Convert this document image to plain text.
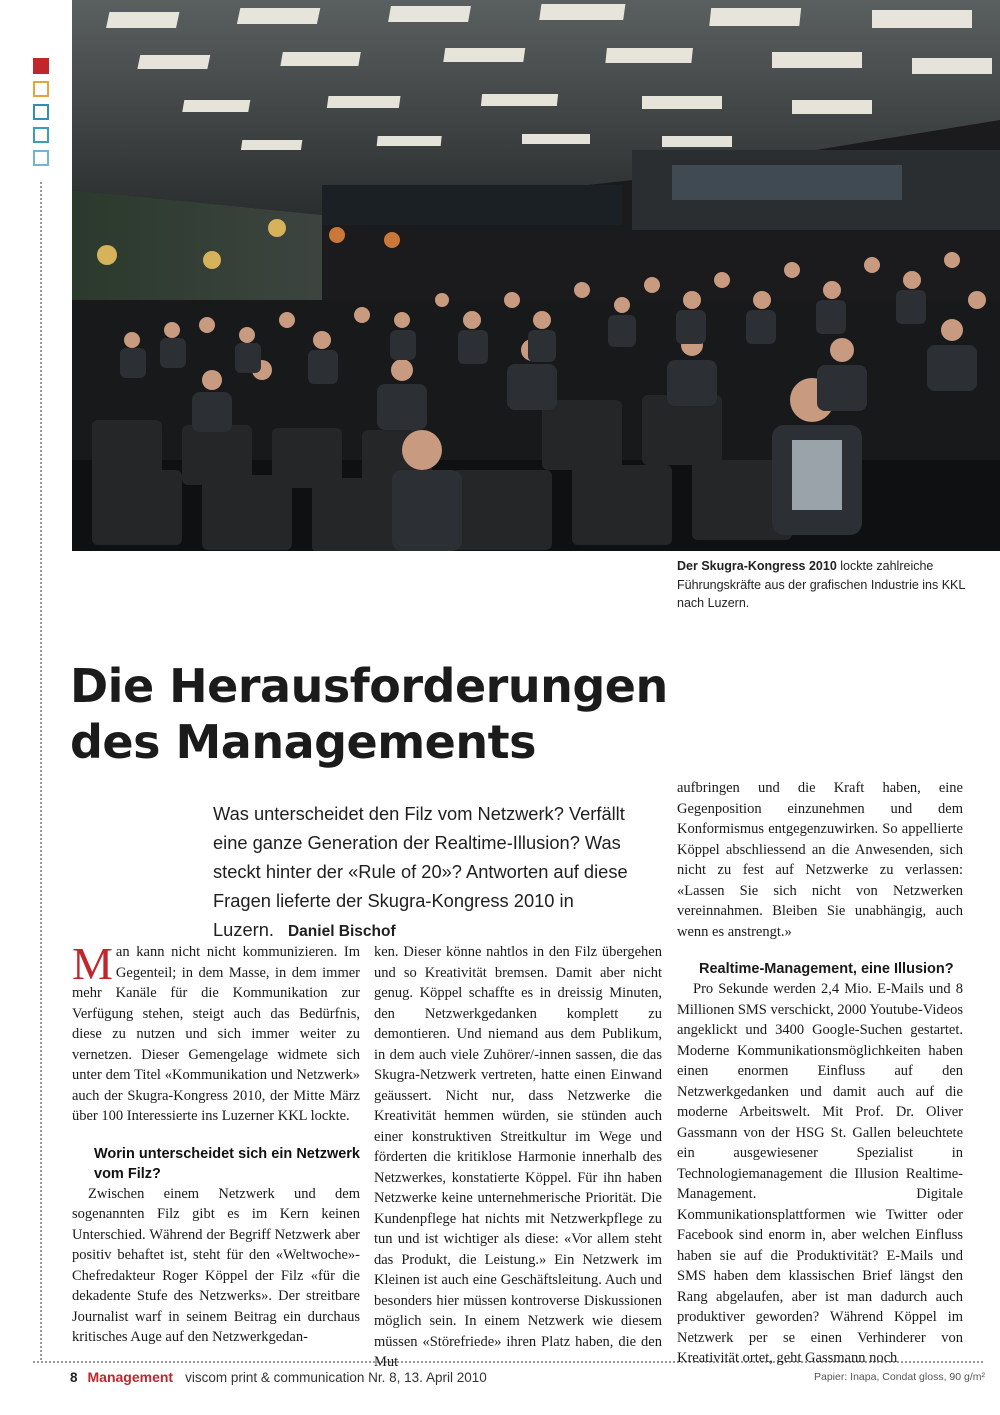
Der Skugra-Kongress 2010 lockte zahlreiche Führungskräfte aus der grafischen Industrie ins KKL nach Luzern.
Die Herausforderungen
des Managements
Was unterscheidet den Filz vom Netzwerk? Verfällt eine ganze Generation der Realtime-Illusion? Was steckt hinter der «Rule of 20»? Antworten auf diese Fragen lieferte der Skugra-Kongress 2010 in Luzern. Daniel Bischof

Man kann nicht nicht kommunizieren. Im Gegenteil; in dem Masse, in dem immer mehr Kanäle für die Kommunikation zur Verfügung stehen, steigt auch das Bedürfnis, diese zu nutzen und sich immer weiter zu vernetzen. Dieser Gemengelage widmete sich unter dem Titel «Kommunikation und Netzwerk» auch der Skugra-Kongress 2010, der Mitte März über 100 Interessierte ins Luzerner KKL lockte.

Worin unterscheidet sich ein Netzwerk vom Filz?

Zwischen einem Netzwerk und dem sogenannten Filz gibt es im Kern keinen Unterschied. Während der Begriff Netzwerk aber positiv behaftet ist, steht für den «Weltwoche»-Chefredakteur Roger Köppel der Filz «für die dekadente Stufe des Netzwerks». Der streitbare Journalist warf in seinem Beitrag ein durchaus kritisches Auge auf den Netzwerkgedan-

ken. Dieser könne nahtlos in den Filz übergehen und so Kreativität bremsen. Damit aber nicht genug. Köppel schaffte es in dreissig Minuten, den Netzwerkgedanken komplett zu demontieren. Und niemand aus dem Publikum, in dem auch viele Zuhörer/-innen sassen, die das Skugra-Netzwerk vertreten, hatte einen Einwand geäussert. Nicht nur, dass Netzwerke die Kreativität hemmen würden, sie stünden auch einer konstruktiven Streitkultur im Wege und förderten die kritiklose Harmonie innerhalb des Netzwerkes, konstatierte Köppel. Für ihn haben Netzwerke keine unternehmerische Priorität. Die Kundenpflege hat nichts mit Netzwerkpflege zu tun und ist wichtiger als diese: «Vor allem steht das Produkt, die Leistung.» Ein Netzwerk im Kleinen ist auch eine Geschäftsleitung. Auch und besonders hier müssen kontroverse Diskussionen möglich sein. In einem Netzwerk wie diesem müssen «Störefriede» ihren Platz haben, die den Mut

aufbringen und die Kraft haben, eine Gegenposition einzunehmen und dem Konformismus entgegenzuwirken. So appellierte Köppel abschliessend an die Anwesenden, sich nicht zu fest auf Netzwerke zu verlassen: «Lassen Sie sich nicht von Netzwerken vereinnahmen. Bleiben Sie unabhängig, auch wenn es anstrengt.»

Realtime-Management, eine Illusion?

Pro Sekunde werden 2,4 Mio. E-Mails und 8 Millionen SMS verschickt, 2000 Youtube-Videos angeklickt und 3400 Google-Suchen gestartet. Moderne Kommunikationsmöglichkeiten haben einen enormen Einfluss auf den Netzwerkgedanken und damit auch auf die moderne Arbeitswelt. Mit Prof. Dr. Oliver Gassmann von der HSG St. Gallen beleuchtete ein ausgewiesener Spezialist in Technologiemanagement die Illusion Realtime-Management. Digitale Kommunikationsplattformen wie Twitter oder Facebook sind enorm in, aber welchen Einfluss haben sie auf die Produktivität? E-Mails und SMS haben dem klassischen Brief längst den Rang abgelaufen, aber ist man dadurch auch produktiver geworden? Während Köppel im Netzwerk per se einen Verhinderer von Kreativität ortet, geht Gassmann noch

8 Management viscom print & communication Nr. 8, 13. April 2010	Papier: Inapa, Condat gloss, 90 g/m²
